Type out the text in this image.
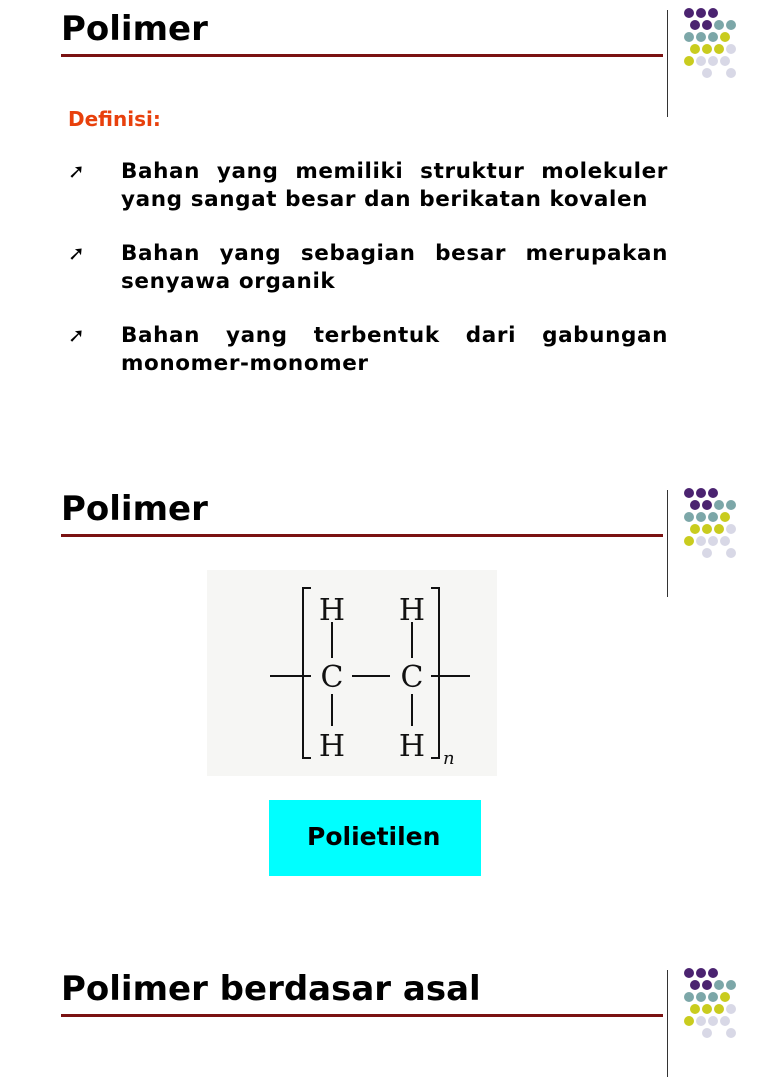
Polimer
Definisi:
➚ Bahan yang memiliki struktur molekuler yang sangat besar dan berikatan kovalen
➚ Bahan yang sebagian besar merupakan senyawa organik
➚ Bahan yang terbentuk dari gabungan monomer-monomer
Polimer
H H
C C
H H n
Polietilen
Polimer berdasar asal
